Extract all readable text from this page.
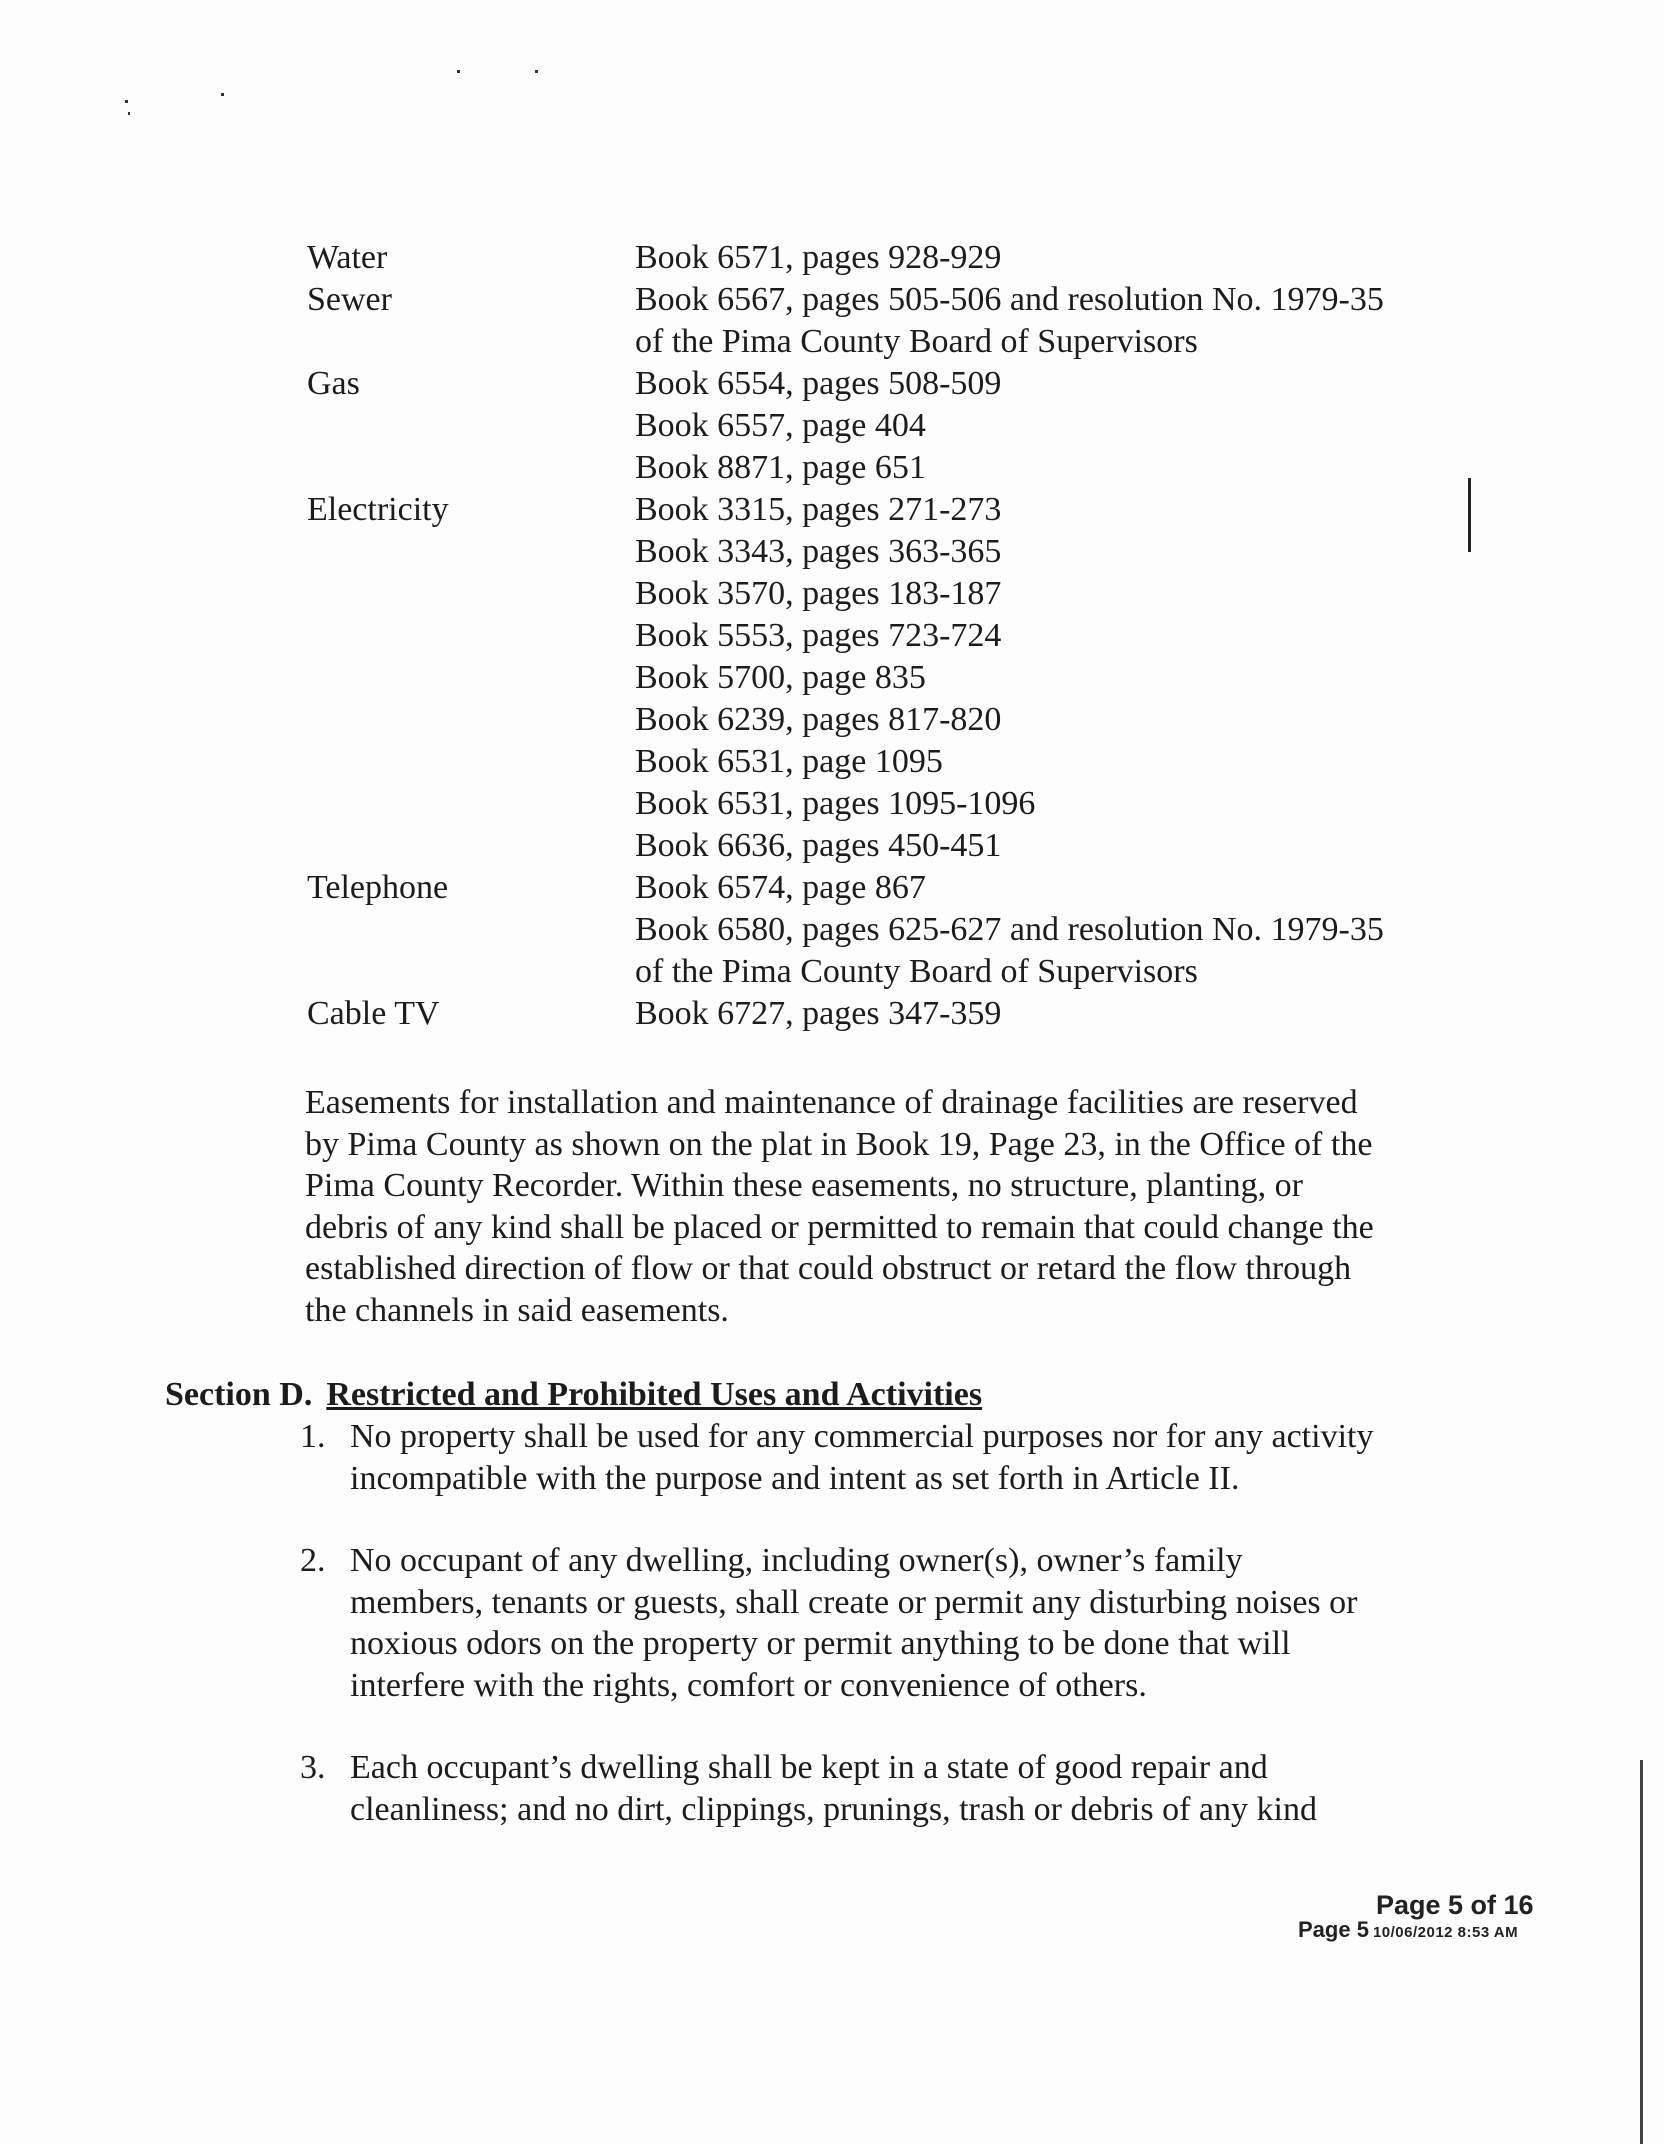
Water	Book 6571, pages 928-929
Sewer	Book 6567, pages 505-506 and resolution No. 1979-35
of the Pima County Board of Supervisors
Gas	Book 6554, pages 508-509
Book 6557, page 404
Book 8871, page 651
Electricity	Book 3315, pages 271-273
Book 3343, pages 363-365
Book 3570, pages 183-187
Book 5553, pages 723-724
Book 5700, page 835
Book 6239, pages 817-820
Book 6531, page 1095
Book 6531, pages 1095-1096
Book 6636, pages 450-451
Telephone	Book 6574, page 867
Book 6580, pages 625-627 and resolution No. 1979-35
of the Pima County Board of Supervisors
Cable TV	Book 6727, pages 347-359
Easements for installation and maintenance of drainage facilities are reserved
by Pima County as shown on the plat in Book 19, Page 23, in the Office of the
Pima County Recorder. Within these easements, no structure, planting, or
debris of any kind shall be placed or permitted to remain that could change the
established direction of flow or that could obstruct or retard the flow through
the channels in said easements.
Section D. Restricted and Prohibited Uses and Activities
1. No property shall be used for any commercial purposes nor for any activity
incompatible with the purpose and intent as set forth in Article II.
2. No occupant of any dwelling, including owner(s), owner’s family
members, tenants or guests, shall create or permit any disturbing noises or
noxious odors on the property or permit anything to be done that will
interfere with the rights, comfort or convenience of others.
3. Each occupant’s dwelling shall be kept in a state of good repair and
cleanliness; and no dirt, clippings, prunings, trash or debris of any kind
Page 5 of 16
Page 5 10/06/2012 8:53 AM
